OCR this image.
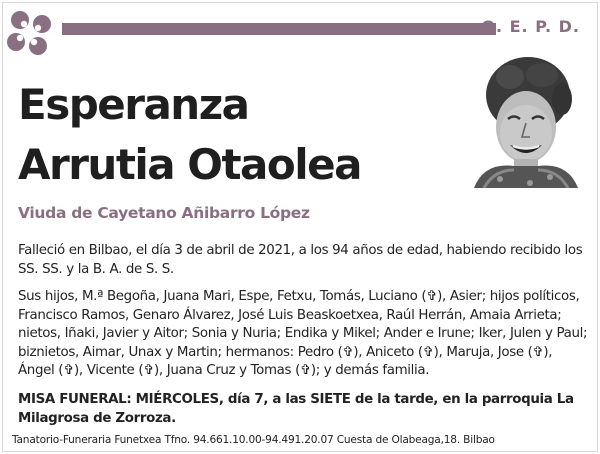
Q. E. P. D.
Esperanza
Arrutia Otaolea
Viuda de Cayetano Añibarro López

Falleció en Bilbao, el día 3 de abril de 2021, a los 94 años de edad, habiendo recibido los SS. SS. y la B. A. de S. S.

Sus hijos, M.ª Begoña, Juana Mari, Espe, Fetxu, Tomás, Luciano (✞), Asier; hijos políticos, Francisco Ramos, Genaro Álvarez, José Luis Beaskoetxea, Raúl Herrán, Amaia Arrieta; nietos, Iñaki, Javier y Aitor; Sonia y Nuria; Endika y Mikel; Ander e Irune; Iker, Julen y Paul; biznietos, Aimar, Unax y Martin; hermanos: Pedro (✞), Aniceto (✞), Maruja, Jose (✞), Ángel (✞), Vicente (✞), Juana Cruz y Tomas (✞); y demás familia.

MISA FUNERAL: MIÉRCOLES, día 7, a las SIETE de la tarde, en la parroquia La Milagrosa de Zorroza.

Tanatorio-Funeraria Funetxea Tfno. 94.661.10.00-94.491.20.07 Cuesta de Olabeaga,18. Bilbao
